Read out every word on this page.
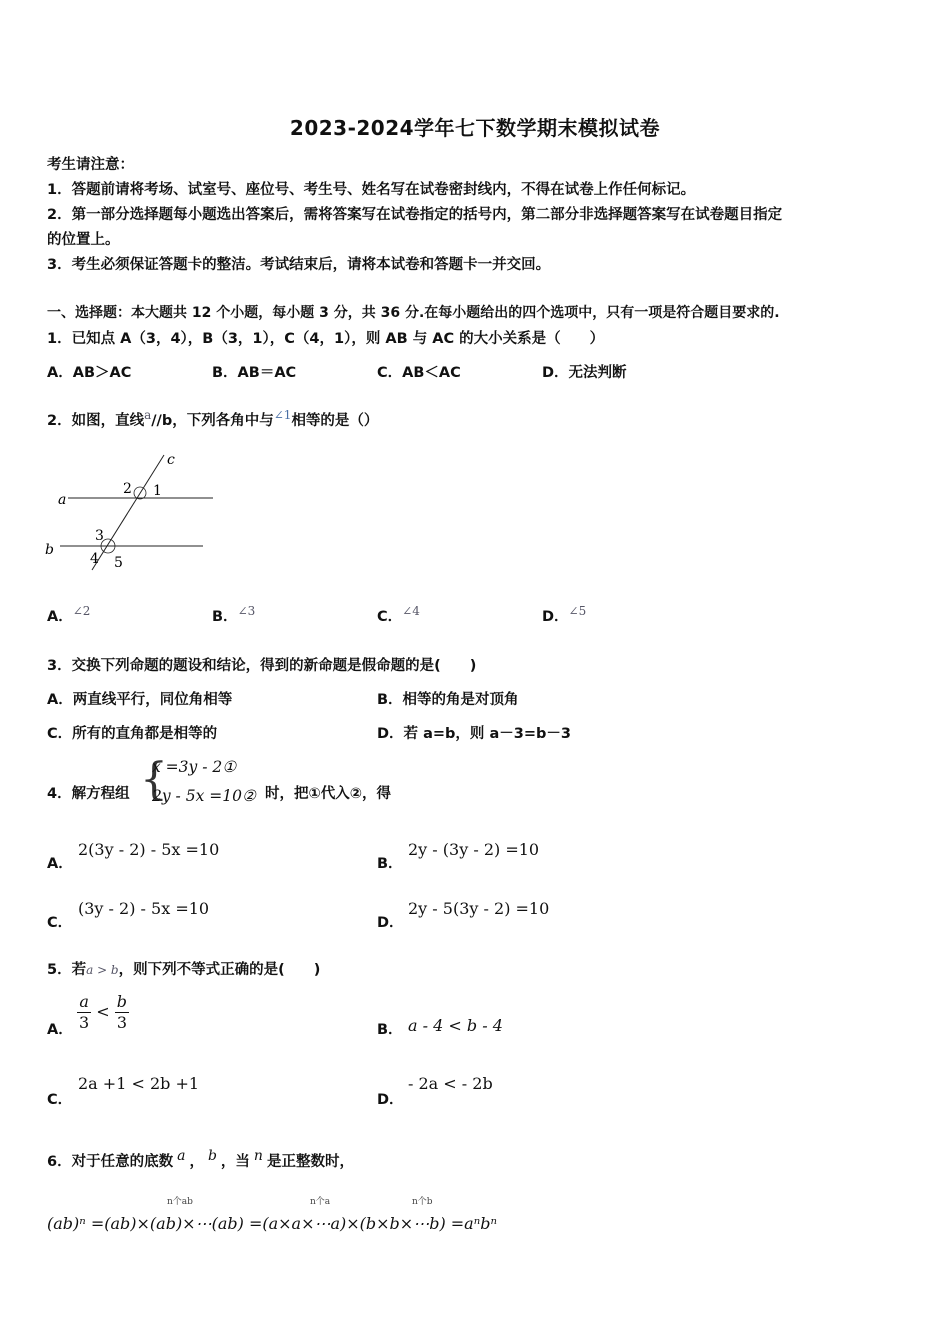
2023-2024学年七下数学期末模拟试卷
考生请注意：
1．答题前请将考场、试室号、座位号、考生号、姓名写在试卷密封线内，不得在试卷上作任何标记。
2．第一部分选择题每小题选出答案后，需将答案写在试卷指定的括号内，第二部分非选择题答案写在试卷题目指定
的位置上。
3．考生必须保证答题卡的整洁。考试结束后，请将本试卷和答题卡一并交回。
一、选择题：本大题共 12 个小题，每小题 3 分，共 36 分.在每小题给出的四个选项中，只有一项是符合题目要求的.
1．已知点 A（3，4），B（3，1），C（4，1），则 AB 与 AC 的大小关系是（　　）
A．AB＞AC	B．AB＝AC	C．AB＜AC	D．无法判断
2．如图，直线$^a$//b，下列各角中与$^{\angle 1}$相等的是（）
c
a
b
1
2
3
4 5
A．$^{\angle 2}$	B．$^{\angle 3}$	C．$^{\angle 4}$	D．$^{\angle 5}$
3．交换下列命题的题设和结论，得到的新命题是假命题的是(　　)
A．两直线平行，同位角相等	B．相等的角是对顶角
C．所有的直角都是相等的	D．若 a=b，则 a－3=b－3
4．解方程组 {
x =3y - 2①
2y - 5x =10② 时，把①代入②，得
A．
2(3y - 2) - 5x =10
B．
2y - (3y - 2) =10
C．
(3y - 2) - 5x =10
D．
2y - 5(3y - 2) =10
5．若a > b，则下列不等式正确的是(　　)
A． $\frac{a}{3} < \frac{b}{3}$	B． a - 4 < b - 4
C．
2a +1 < 2b +1
D．
- 2a < - 2b
6．对于任意的底数 $^a$ ， $^b$ ，当 $^n$ 是正整数时，
n个ab	n个a	n个b
(ab)ⁿ =(ab)×(ab)×⋯(ab) =(a×a×⋯a)×(b×b×⋯b) =aⁿbⁿ
